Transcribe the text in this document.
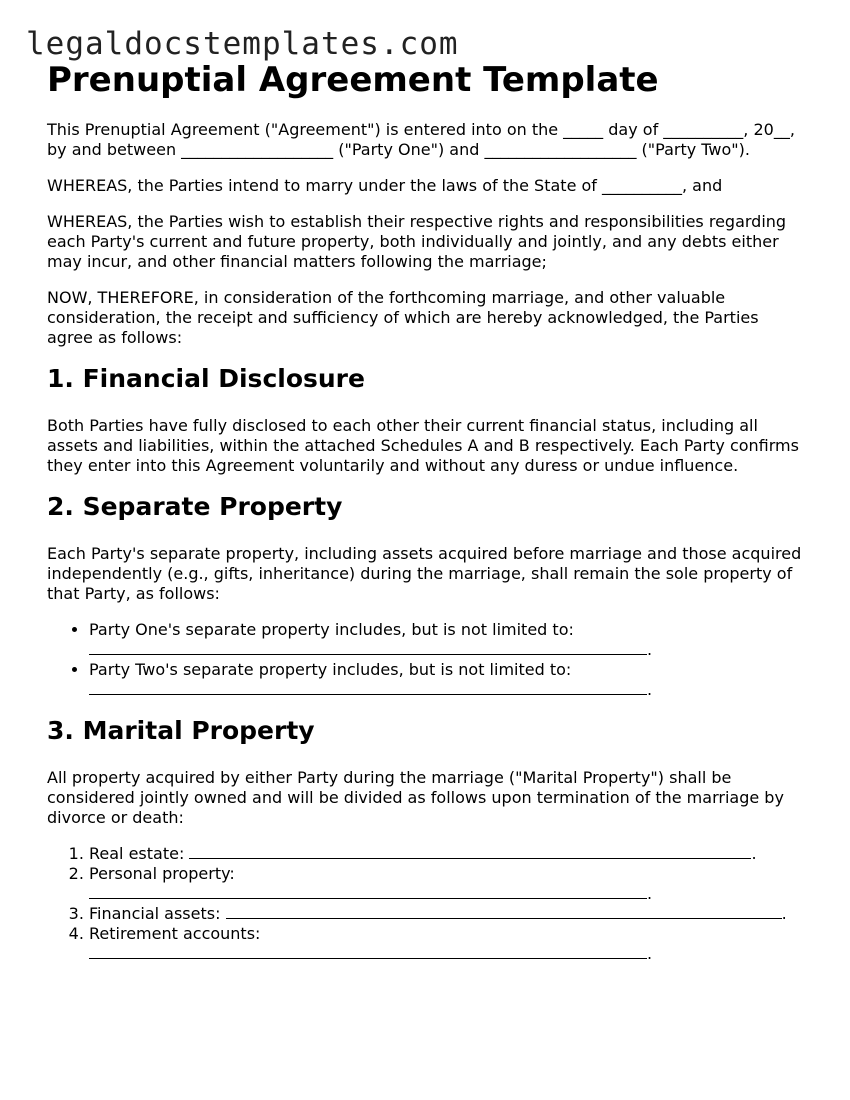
legaldocstemplates.com
Prenuptial Agreement Template

This Prenuptial Agreement ("Agreement") is entered into on the _____ day of __________, 20__, by and between ___________________ ("Party One") and ___________________ ("Party Two").

WHEREAS, the Parties intend to marry under the laws of the State of __________, and

WHEREAS, the Parties wish to establish their respective rights and responsibilities regarding each Party's current and future property, both individually and jointly, and any debts either may incur, and other financial matters following the marriage;

NOW, THEREFORE, in consideration of the forthcoming marriage, and other valuable consideration, the receipt and sufficiency of which are hereby acknowledged, the Parties agree as follows:

1. Financial Disclosure

Both Parties have fully disclosed to each other their current financial status, including all assets and liabilities, within the attached Schedules A and B respectively. Each Party confirms they enter into this Agreement voluntarily and without any duress or undue influence.

2. Separate Property

Each Party's separate property, including assets acquired before marriage and those acquired independently (e.g., gifts, inheritance) during the marriage, shall remain the sole property of that Party, as follows:

• Party One's separate property includes, but is not limited to:
.
• Party Two's separate property includes, but is not limited to:
.
3. Marital Property

All property acquired by either Party during the marriage ("Marital Property") shall be considered jointly owned and will be divided as follows upon termination of the marriage by divorce or death:

1. Real estate:	.
2. Personal property:
.
3. Financial assets:	.
4. Retirement accounts:
.
